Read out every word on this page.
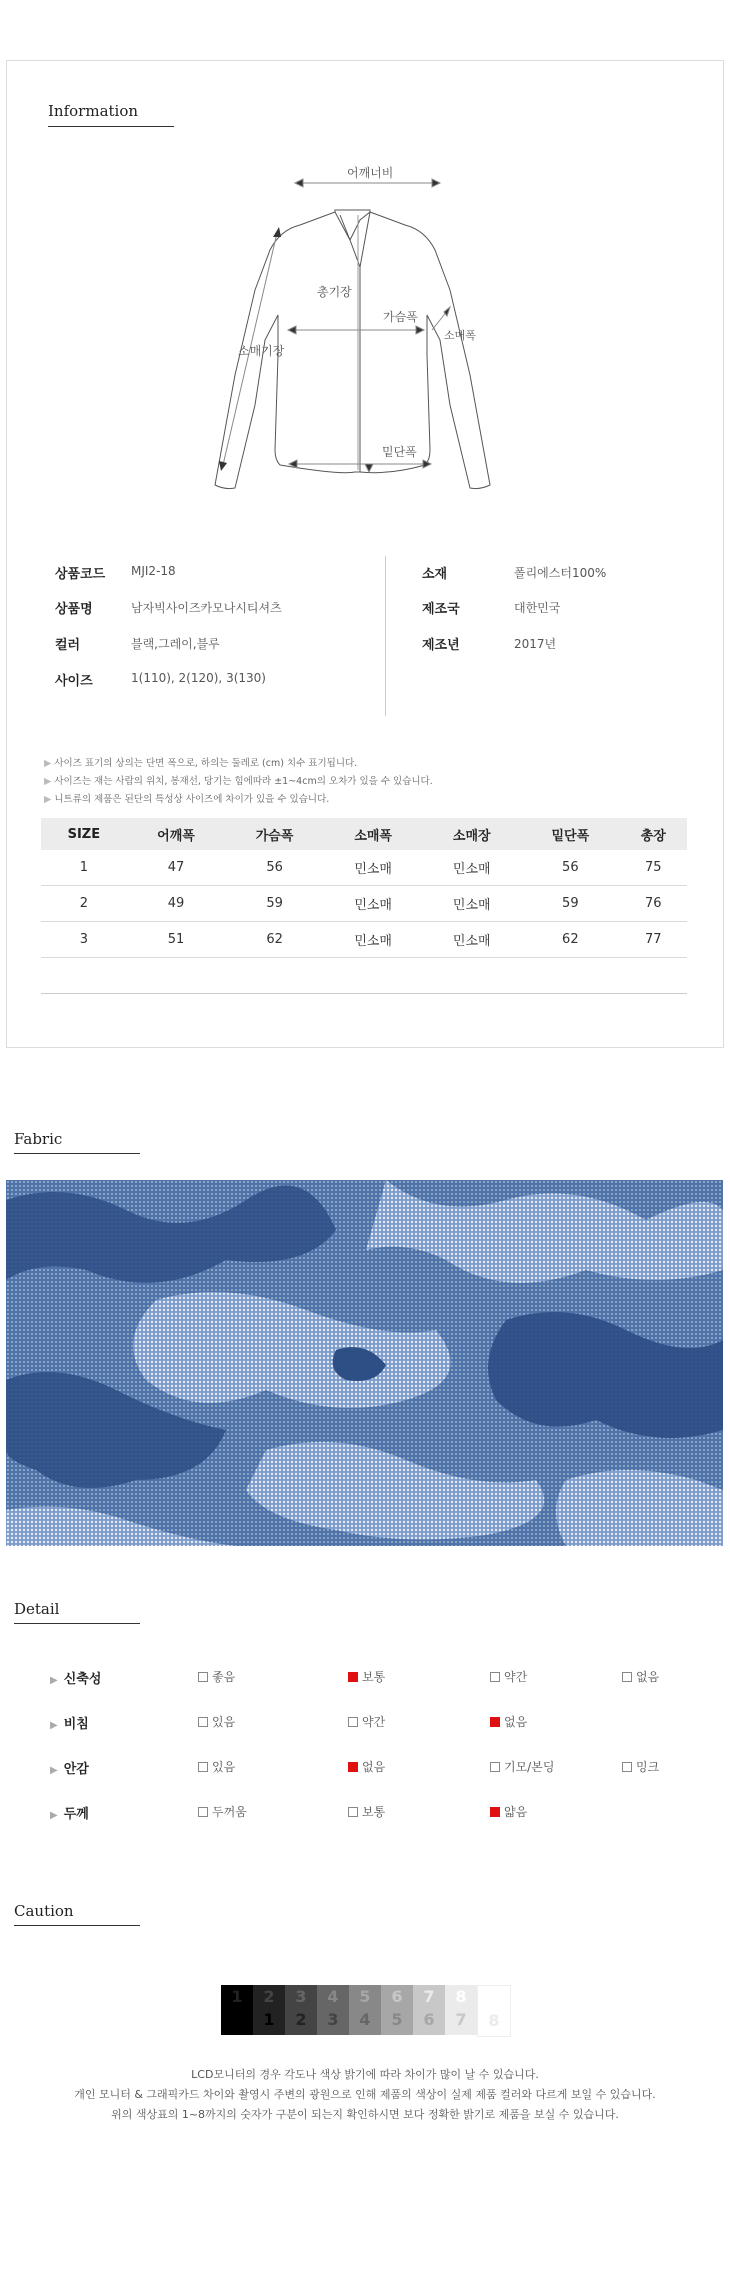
Information
어깨너비
총기장
가슴폭
소매폭
소매기장
밑단폭
상품코드 MJI2-18
상품명	남자빅사이즈카모나시티셔츠
컬러	블랙,그레이,블루
사이즈	1(110), 2(120), 3(130)
소재	폴리에스터100%
제조국	대한민국
제조년	2017년
▶ 사이즈 표기의 상의는 단면 폭으로, 하의는 둘레로 (cm) 치수 표기됩니다.
▶ 사이즈는 재는 사람의 위치, 봉재선, 당기는 힘에따라 ±1~4cm의 오차가 있을 수 있습니다.
▶ 니트류의 제품은 된단의 특성상 사이즈에 차이가 있을 수 있습니다.
SIZE	어깨폭	가슴폭	소매폭	소매장	밑단폭	총장
1	47	56	민소매	민소매	56	75
2	49	59	민소매	민소매	59	76
3	51	62	민소매	민소매	62	77

Fabric
Detail
▶ 신축성	좋음	보통	약간	없음
▶ 비침	있음	약간	없음
▶ 안감	있음	없음	기모/본딩	밍크
▶ 두께	두꺼움	보통	얇음
Caution
1	2
1
3
2
4
3
5
4
6
5
7
6
8
7	8
LCD모니터의 경우 각도나 색상 밝기에 따라 차이가 많이 날 수 있습니다.
개인 모니터 & 그래픽카드 차이와 촬영시 주변의 광원으로 인해 제품의 색상이 실제 제품 컬러와 다르게 보일 수 있습니다.
위의 색상표의 1~8까지의 숫자가 구분이 되는지 확인하시면 보다 정확한 밝기로 제품을 보실 수 있습니다.
